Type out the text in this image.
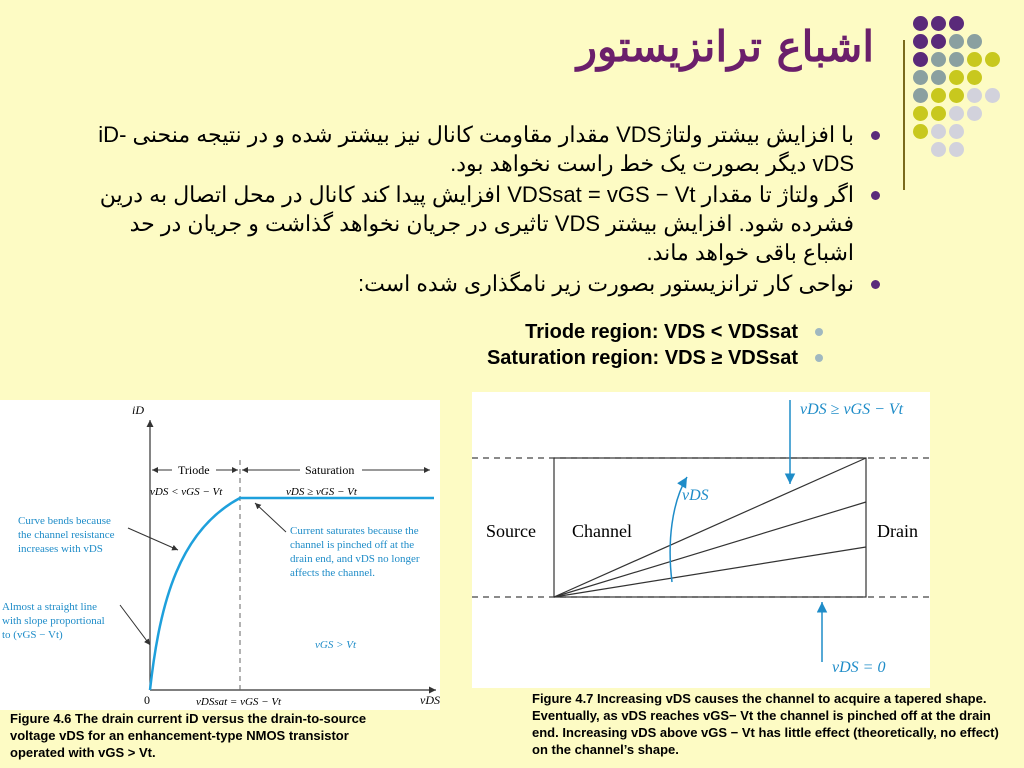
اشباع ترانزیستور
با افزایش بیشتر ولتاژVDS مقدار مقاومت کانال نیز بیشتر شده و در نتیجه منحنی -iD
vDS دیگر بصورت یک خط راست نخواهد بود.
اگر ولتاژ تا مقدار VDSsat = vGS − Vt افزایش پیدا کند کانال در محل اتصال به درین
فشرده شود. افزایش بیشتر VDS تاثیری در جریان نخواهد گذاشت و جریان در حد
اشباع باقی خواهد ماند.
نواحی کار ترانزیستور بصورت زیر نامگذاری شده است:
Triode region: VDS < VDSsat
Saturation region: VDS ≥ VDSsat
iD
vDS
0	vDSsat = vGS − Vt
Triode	Saturation
vDS < vGS − Vt	vDS ≥ vGS − Vt
vGS > Vt
Curve bends because
the channel resistance
increases with vDS
Almost a straight line
with slope proportional
to (vGS − Vt)
Current saturates because the
channel is pinched off at the
drain end, and vDS no longer
affects the channel.
Figure 4.6 The drain current iD versus the drain-to-source voltage vDS for an enhancement-type NMOS transistor operated with vGS > Vt.
Source Channel	Drain
vDS
vDS ≥ vGS − Vt
vDS = 0
Figure 4.7 Increasing vDS causes the channel to acquire a tapered shape. Eventually, as vDS reaches vGS− Vt the channel is pinched off at the drain end. Increasing vDS above vGS − Vt has little effect (theoretically, no effect) on the channel’s shape.
